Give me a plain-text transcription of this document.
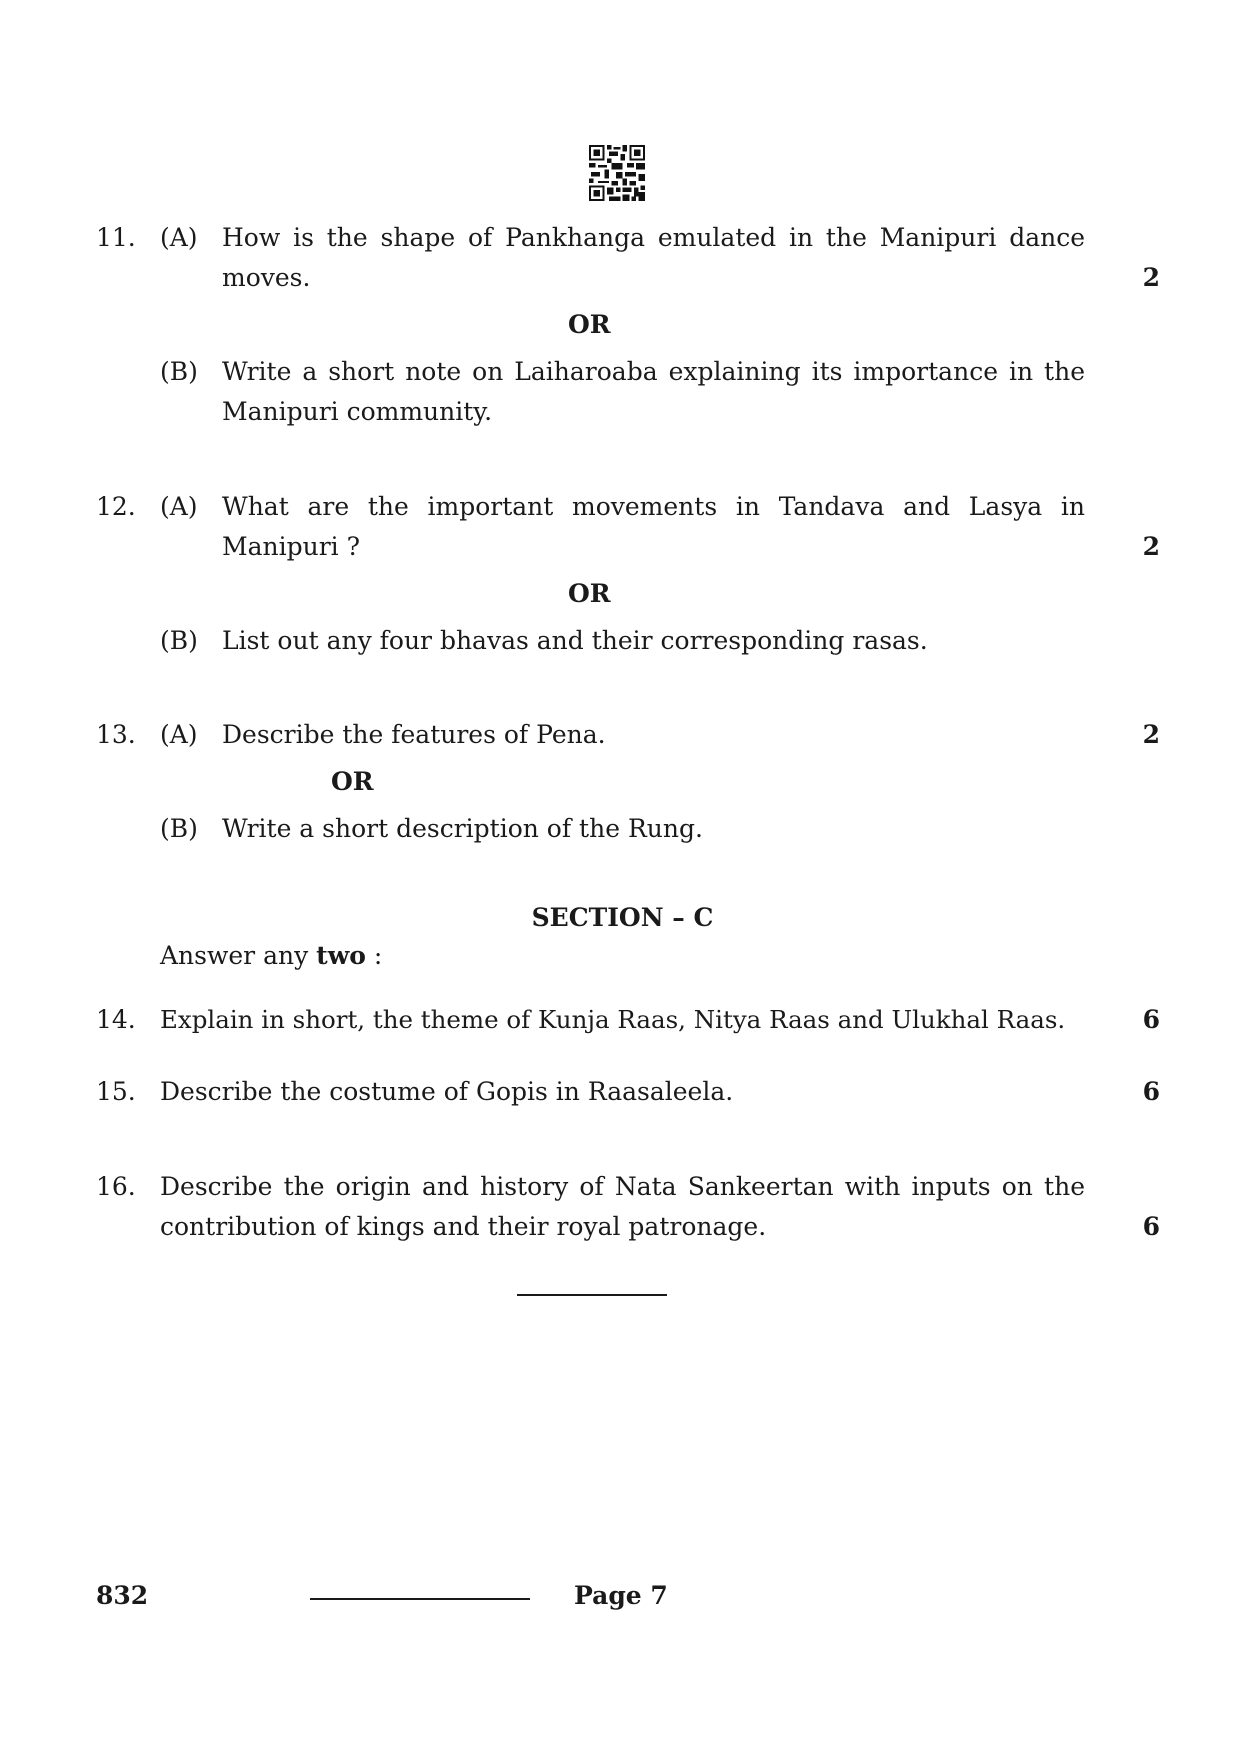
11. (A) How is the shape of Pankhanga emulated in the Manipuri dance
moves.	2
OR
(B) Write a short note on Laiharoaba explaining its importance in the
Manipuri community.
12. (A) What are the important movements in Tandava and Lasya in
Manipuri ?	2
OR
(B) List out any four bhavas and their corresponding rasas.
13. (A) Describe the features of Pena.	2
OR
(B) Write a short description of the Rung.
SECTION – C
Answer any two :
14. Explain in short, the theme of Kunja Raas, Nitya Raas and Ulukhal Raas.	6
15. Describe the costume of Gopis in Raasaleela.	6
16. Describe the origin and history of Nata Sankeertan with inputs on the
contribution of kings and their royal patronage.	6
832	Page 7
